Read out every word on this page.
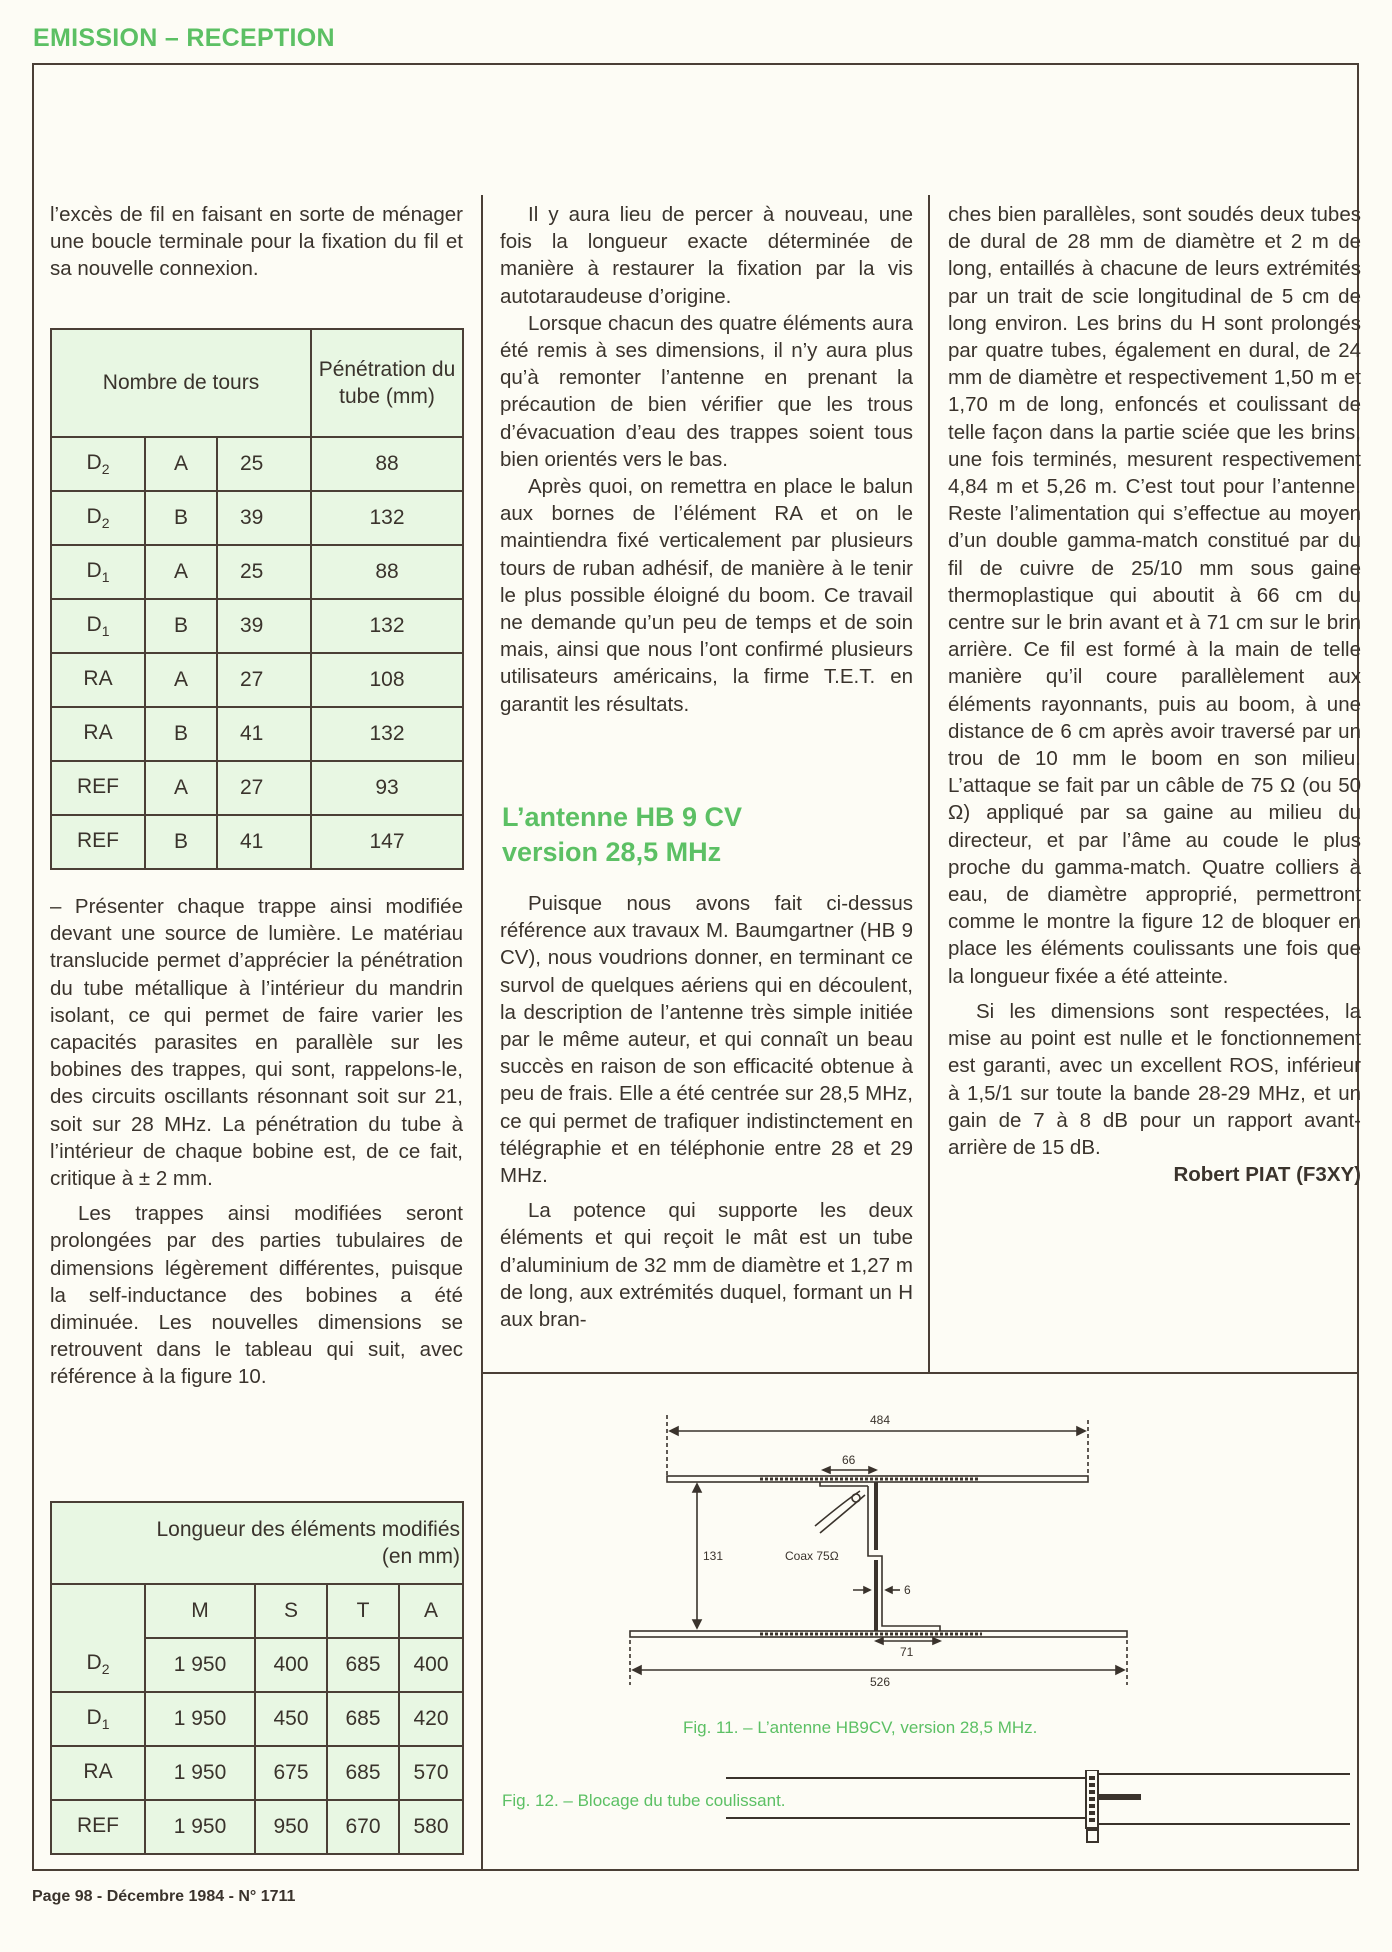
EMISSION – RECEPTION

l’excès de fil en faisant en sorte de ménager une boucle terminale pour la fixation du fil et sa nouvelle connexion.

Nombre de tours			Pénétration du tube (mm)
$D_2$	A	25	88
$D_2$	B	39	132
$D_1$	A	25	88
$D_1$	B	39	132
RA	A	27	108
RA	B	41	132
REF	A	27	93
REF	B	41	147

– Présenter chaque trappe ainsi modifiée devant une source de lumière. Le matériau translucide permet d’apprécier la pénétration du tube métallique à l’intérieur du mandrin isolant, ce qui permet de faire varier les capacités parasites en parallèle sur les bobines des trappes, qui sont, rappelons-le, des circuits oscillants résonnant soit sur 21, soit sur 28 MHz. La pénétration du tube à l’intérieur de chaque bobine est, de ce fait, critique à ± 2 mm.

Les trappes ainsi modifiées seront prolongées par des parties tubulaires de dimensions légèrement différentes, puisque la self-inductance des bobines a été diminuée. Les nouvelles dimensions se retrouvent dans le tableau qui suit, avec référence à la figure 10.

Longueur des éléments modifiés
(en mm)				
	M	S	T	A

$D_2$	1 950	400	685	400
$D_1$	1 950	450	685	420
RA	1 950	675	685	570
REF	1 950	950	670	580

Il y aura lieu de percer à nouveau, une fois la longueur exacte déterminée de manière à restaurer la fixation par la vis autotaraudeuse d’origine.

Lorsque chacun des quatre éléments aura été remis à ses dimensions, il n’y aura plus qu’à remonter l’antenne en prenant la précaution de bien vérifier que les trous d’évacuation d’eau des trappes soient tous bien orientés vers le bas.

Après quoi, on remettra en place le balun aux bornes de l’élément RA et on le maintiendra fixé verticalement par plusieurs tours de ruban adhésif, de manière à le tenir le plus possible éloigné du boom. Ce travail ne demande qu’un peu de temps et de soin mais, ainsi que nous l’ont confirmé plusieurs utilisateurs américains, la firme T.E.T. en garantit les résultats.

L’antenne HB 9 CV
version 28,5 MHz

Puisque nous avons fait ci-dessus référence aux travaux M. Baumgartner (HB 9 CV), nous voudrions donner, en terminant ce survol de quelques aériens qui en découlent, la description de l’antenne très simple initiée par le même auteur, et qui connaît un beau succès en raison de son efficacité obtenue à peu de frais. Elle a été centrée sur 28,5 MHz, ce qui permet de trafiquer indistinctement en télégraphie et en téléphonie entre 28 et 29 MHz.

La potence qui supporte les deux éléments et qui reçoit le mât est un tube d’aluminium de 32 mm de diamètre et 1,27 m de long, aux extrémités duquel, formant un H aux bran-

ches bien parallèles, sont soudés deux tubes de dural de 28 mm de diamètre et 2 m de long, entaillés à chacune de leurs extrémités par un trait de scie longitudinal de 5 cm de long environ. Les brins du H sont prolongés par quatre tubes, également en dural, de 24 mm de diamètre et respectivement 1,50 m et 1,70 m de long, enfoncés et coulissant de telle façon dans la partie sciée que les brins, une fois terminés, mesurent respectivement 4,84 m et 5,26 m. C’est tout pour l’antenne. Reste l’alimentation qui s’effectue au moyen d’un double gamma-match constitué par du fil de cuivre de 25/10 mm sous gaine thermoplastique qui aboutit à 66 cm du centre sur le brin avant et à 71 cm sur le brin arrière. Ce fil est formé à la main de telle manière qu’il coure parallèlement aux éléments rayonnants, puis au boom, à une distance de 6 cm après avoir traversé par un trou de 10 mm le boom en son milieu. L’attaque se fait par un câble de 75 Ω (ou 50 Ω) appliqué par sa gaine au milieu du directeur, et par l’âme au coude le plus proche du gamma-match. Quatre colliers à eau, de diamètre approprié, permettront comme le montre la figure 12 de bloquer en place les éléments coulissants une fois que la longueur fixée a été atteinte.

Si les dimensions sont respectées, la mise au point est nulle et le fonctionnement est garanti, avec un excellent ROS, inférieur à 1,5/1 sur toute la bande 28-29 MHz, et un gain de 7 à 8 dB pour un rapport avant-arrière de 15 dB.

Robert PIAT (F3XY)

484
66
131	Coax 75Ω
6
71
526
Fig. 11. – L’antenne HB9CV, version 28,5 MHz.
Fig. 12. – Blocage du tube coulissant.
Page 98 - Décembre 1984 - N° 1711
